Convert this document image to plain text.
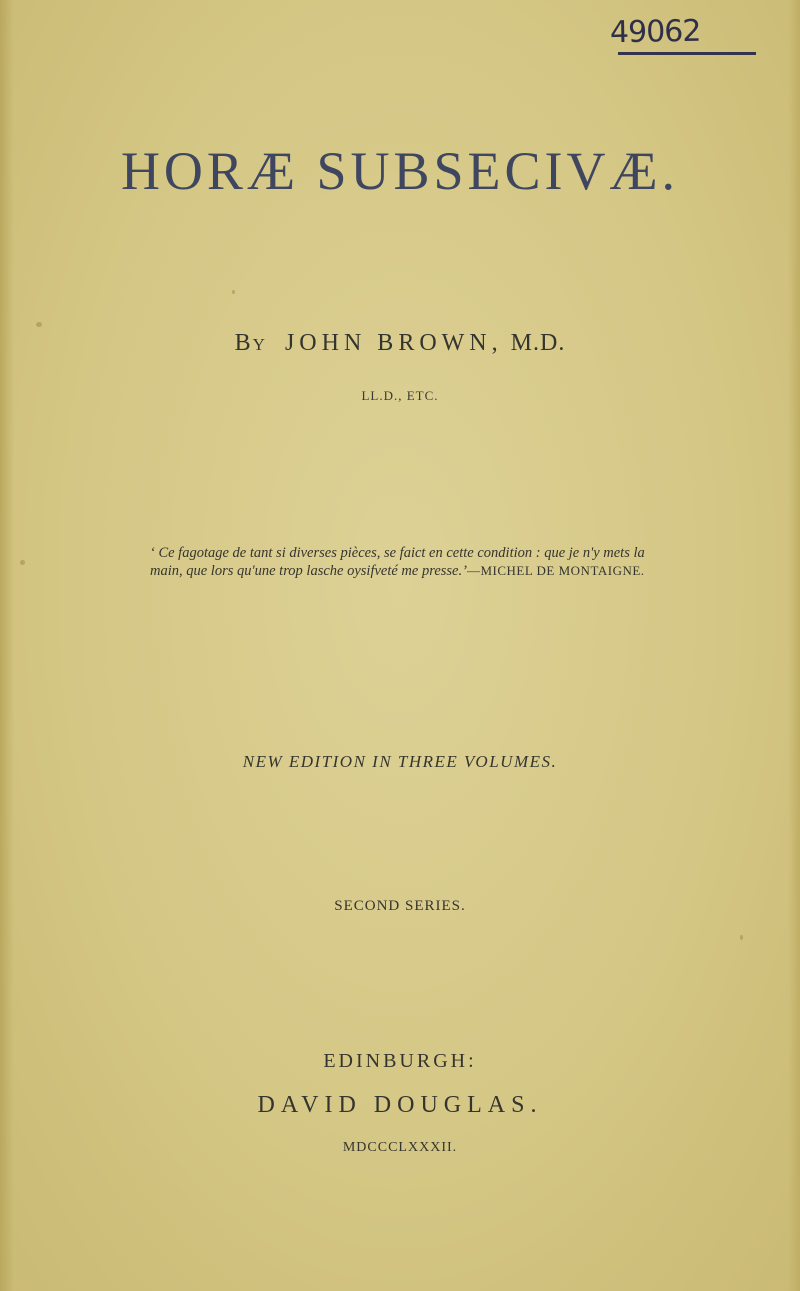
49062
HORÆ SUBSECIVÆ.
By JOHN BROWN, M.D.
LL.D., ETC.
‘ Ce fagotage de tant si diverses pièces, se faict en cette condition : que je n'y mets la main, que lors qu'une trop lasche oysifveté me presse.’—MICHEL DE MONTAIGNE.
NEW EDITION IN THREE VOLUMES.
SECOND SERIES.
EDINBURGH:
DAVID DOUGLAS.
MDCCCLXXXII.
